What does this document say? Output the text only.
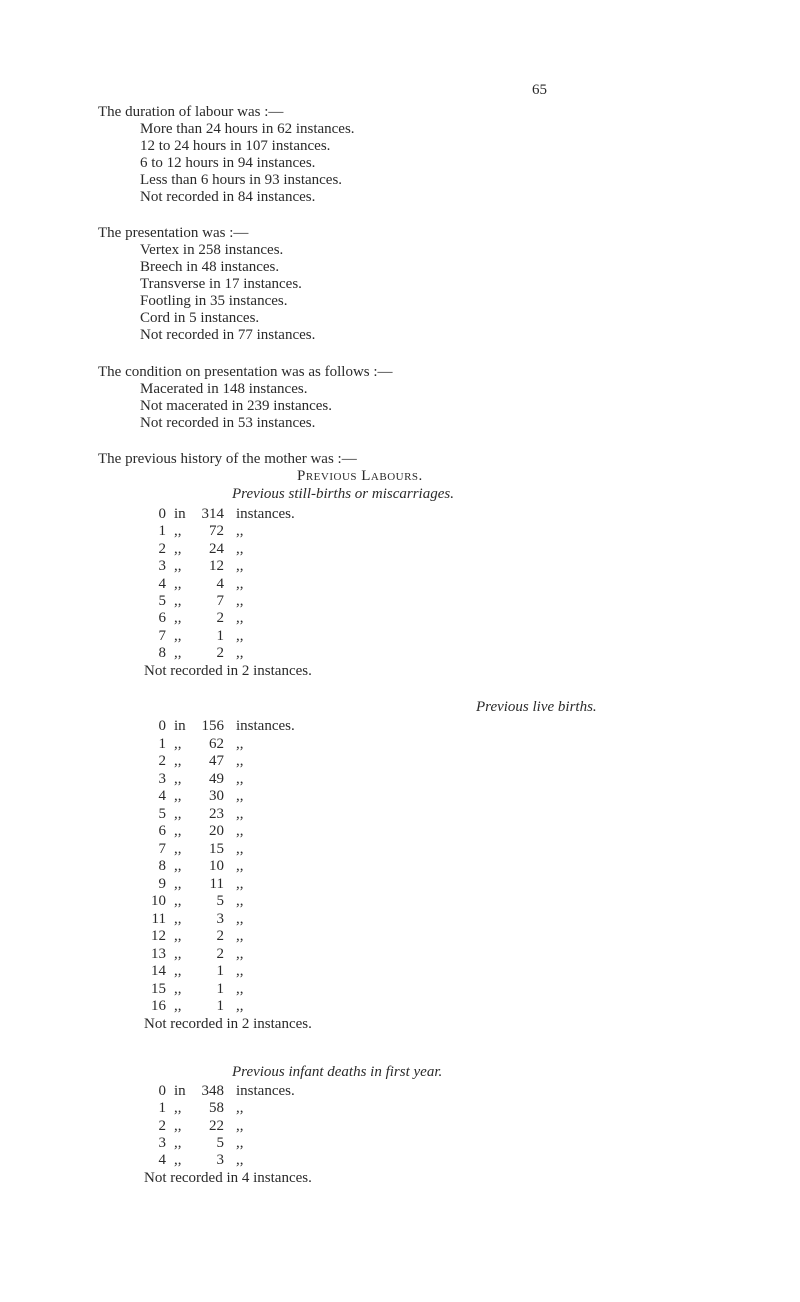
65
The duration of labour was :—
More than 24 hours in 62 instances.
12 to 24 hours in 107 instances.
6 to 12 hours in 94 instances.
Less than 6 hours in 93 instances.
Not recorded in 84 instances.
The presentation was :—
Vertex in 258 instances.
Breech in 48 instances.
Transverse in 17 instances.
Footling in 35 instances.
Cord in 5 instances.
Not recorded in 77 instances.
The condition on presentation was as follows :—
Macerated in 148 instances.
Not macerated in 239 instances.
Not recorded in 53 instances.
The previous history of the mother was :—
Previous Labours.
Previous still-births or miscarriages.
0 in	314 instances.
1 ,,	72 ,,
2 ,,	24 ,,
3 ,,	12 ,,
4 ,,	4 ,,
5 ,,	7 ,,
6 ,,	2 ,,
7 ,,	1 ,,
8 ,,	2 ,,
Not recorded in 2 instances.
Previous live births.
0 in	156 instances.
1 ,,	62 ,,
2 ,,	47 ,,
3 ,,	49 ,,
4 ,,	30 ,,
5 ,,	23 ,,
6 ,,	20 ,,
7 ,,	15 ,,
8 ,,	10 ,,
9 ,,	11 ,,
10 ,,	5 ,,
11 ,,	3 ,,
12 ,,	2 ,,
13 ,,	2 ,,
14 ,,	1 ,,
15 ,,	1 ,,
16 ,,	1 ,,
Not recorded in 2 instances.
Previous infant deaths in first year.
0 in	348 instances.
1 ,,	58 ,,
2 ,,	22 ,,
3 ,,	5 ,,
4 ,,	3 ,,
Not recorded in 4 instances.
